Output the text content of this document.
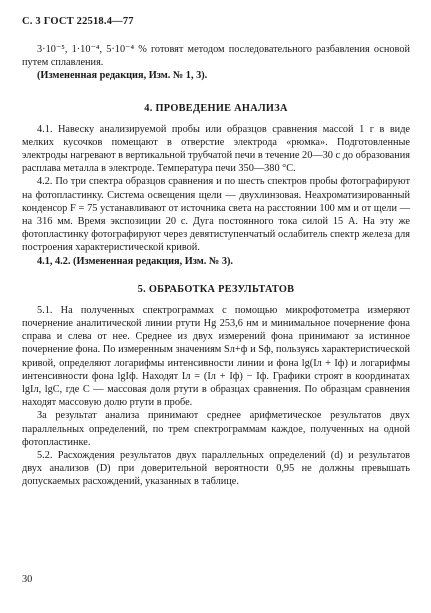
С. 3 ГОСТ 22518.4—77

3·10⁻⁵, 1·10⁻⁴, 5·10⁻⁴ % готовят методом последовательного разбавления основой путем сплавления.

(Измененная редакция, Изм. № 1, 3).

4. ПРОВЕДЕНИЕ АНАЛИЗА

4.1. Навеску анализируемой пробы или образцов сравнения массой 1 г в виде мелких кусочков помещают в отверстие электрода «рюмка». Подготовленные электроды нагревают в вертикальной трубчатой печи в течение 20—30 с до образования расплава металла в электроде. Температура печи 350—380 °С.

4.2. По три спектра образцов сравнения и по шесть спектров пробы фотографируют на фотопластинку. Система освещения щели — двухлинзовая. Неахроматизированный конденсор F = 75 устанавливают от источника света на расстоянии 100 мм и от щели — на 316 мм. Время экспозиции 20 с. Дуга постоянного тока силой 15 А. На эту же фотопластинку фотографируют через девятиступенчатый ослабитель спектр железа для построения характеристической кривой.

4.1, 4.2. (Измененная редакция, Изм. № 3).

5. ОБРАБОТКА РЕЗУЛЬТАТОВ

5.1. На полученных спектрограммах с помощью микрофотометра измеряют почернение аналитической линии ртути Hg 253,6 нм и минимальное почернение фона справа и слева от нее. Среднее из двух измерений фона принимают за истинное почернение фона. По измеренным значениям Sл+ф и Sф, пользуясь характеристической кривой, определяют логарифмы интенсивности линии и фона lg(Iл + Iф) и логарифмы интенсивности фона lgIф. Находят Iл = (Iл + Iф) − Iф. Графики строят в координатах lgIл, lgC, где C — массовая доля ртути в образцах сравнения. По образцам сравнения находят массовую долю ртути в пробе.

За результат анализа принимают среднее арифметическое результатов двух параллельных определений, по трем спектрограммам каждое, полученных на одной фотопластинке.

5.2. Расхождения результатов двух параллельных определений (d) и результатов двух анализов (D) при доверительной вероятности 0,95 не должны превышать допускаемых расхождений, указанных в таблице.

30
